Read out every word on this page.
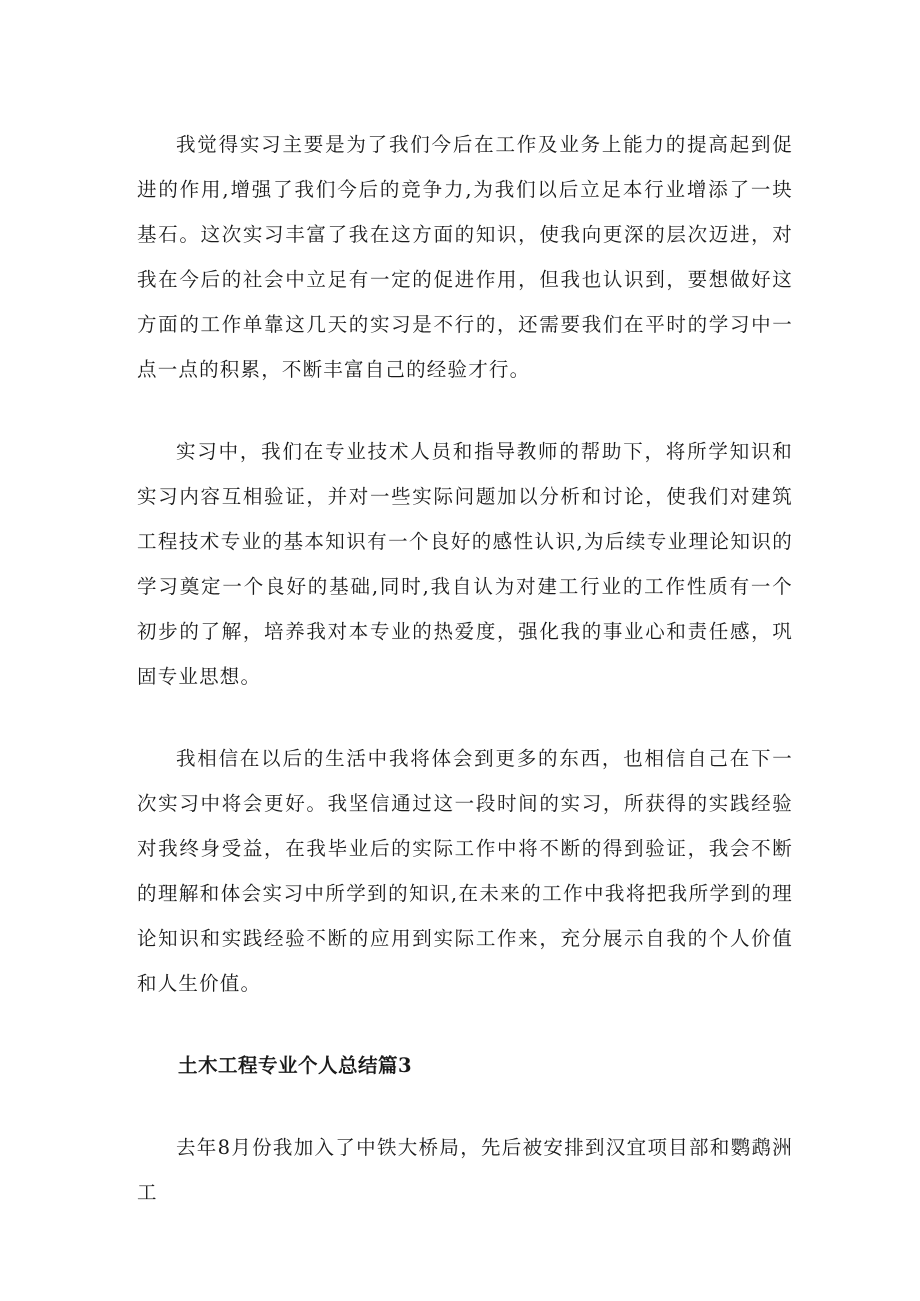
我觉得实习主要是为了我们今后在工作及业务上能力的提高起到促进的作用,增强了我们今后的竞争力,为我们以后立足本行业增添了一块基石。这次实习丰富了我在这方面的知识，使我向更深的层次迈进，对我在今后的社会中立足有一定的促进作用，但我也认识到，要想做好这方面的工作单靠这几天的实习是不行的，还需要我们在平时的学习中一点一点的积累，不断丰富自己的经验才行。

实习中，我们在专业技术人员和指导教师的帮助下，将所学知识和实习内容互相验证，并对一些实际问题加以分析和讨论，使我们对建筑工程技术专业的基本知识有一个良好的感性认识,为后续专业理论知识的学习奠定一个良好的基础,同时,我自认为对建工行业的工作性质有一个初步的了解，培养我对本专业的热爱度，强化我的事业心和责任感，巩固专业思想。

我相信在以后的生活中我将体会到更多的东西，也相信自己在下一次实习中将会更好。我坚信通过这一段时间的实习，所获得的实践经验对我终身受益，在我毕业后的实际工作中将不断的得到验证，我会不断的理解和体会实习中所学到的知识,在未来的工作中我将把我所学到的理论知识和实践经验不断的应用到实际工作来，充分展示自我的个人价值和人生价值。

土木工程专业个人总结篇3

去年8月份我加入了中铁大桥局，先后被安排到汉宜项目部和鹦鹉洲工
